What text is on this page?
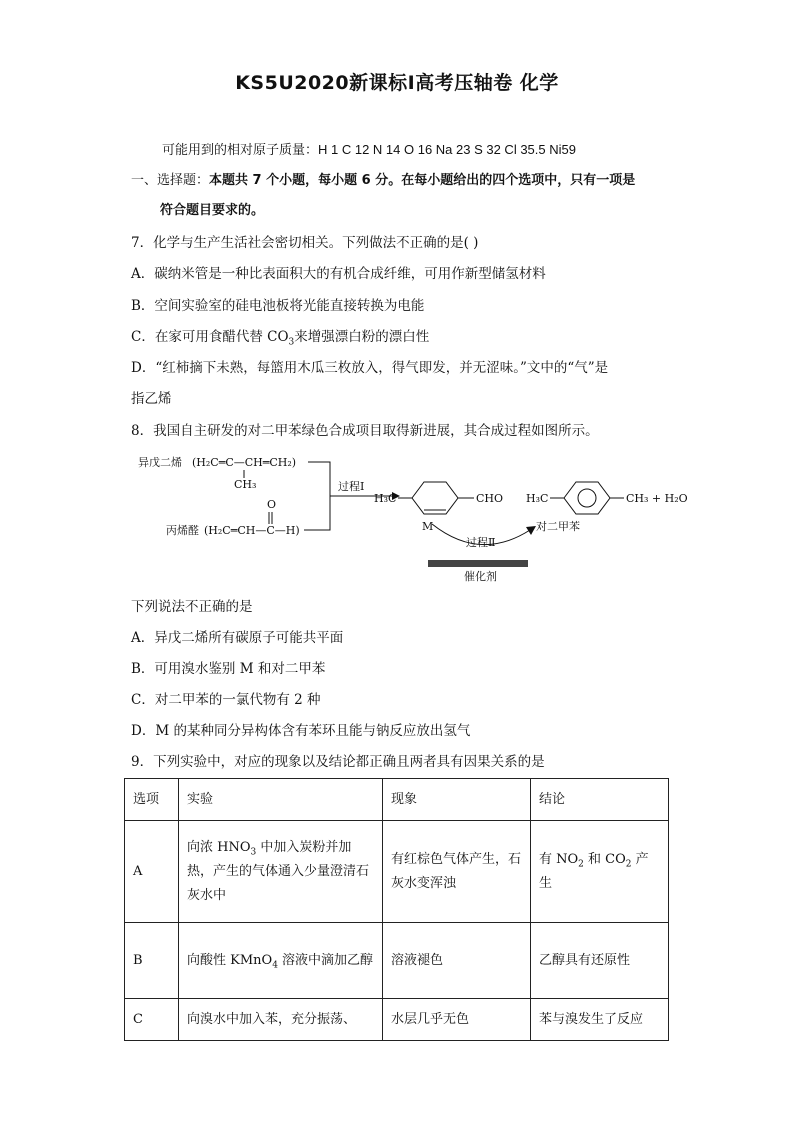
KS5U2020新课标Ⅰ高考压轴卷 化学
可能用到的相对原子质量：H 1 C 12 N 14 O 16 Na 23 S 32 Cl 35.5 Ni59
一、选择题：本题共 7 个小题，每小题 6 分。在每小题给出的四个选项中，只有一项是
符合题目要求的。
7．化学与生产生活社会密切相关。下列做法不正确的是( )
A．碳纳米管是一种比表面积大的有机合成纤维，可用作新型储氢材料
B．空间实验室的硅电池板将光能直接转换为电能
C．在家可用食醋代替 $CO_3$来增强漂白粉的漂白性
D．“红柿摘下未熟，每篮用木瓜三枚放入，得气即发，并无涩味。”文中的“气”是
指乙烯
8．我国自主研发的对二甲苯绿色合成项目取得新进展，其合成过程如图所示。
异戊二烯 (H₂C═C—CH═CH₂)
CH₃
丙烯醛 (H₂C═CH—C—H)
O
过程Ⅰ
H₃C	CHO H₃C	CH₃ + H₂O
M	对二甲苯
过程Ⅱ
催化剂
下列说法不正确的是
A．异戊二烯所有碳原子可能共平面
B．可用溴水鉴别 M 和对二甲苯
C．对二甲苯的一氯代物有 2 种
D．M 的某种同分异构体含有苯环且能与钠反应放出氢气
9．下列实验中，对应的现象以及结论都正确且两者具有因果关系的是
选项	实验	现象	结论
A	向浓 $HNO_3$ 中加入炭粉并加热，产生的气体通入少量澄清石灰水中	有红棕色气体产生，石灰水变浑浊	有 $NO_2$ 和 $CO_2$ 产生
B	向酸性 KMnO$_4$ 溶液中滴加乙醇	溶液褪色	乙醇具有还原性
C	向溴水中加入苯，充分振荡、	水层几乎无色	苯与溴发生了反应
